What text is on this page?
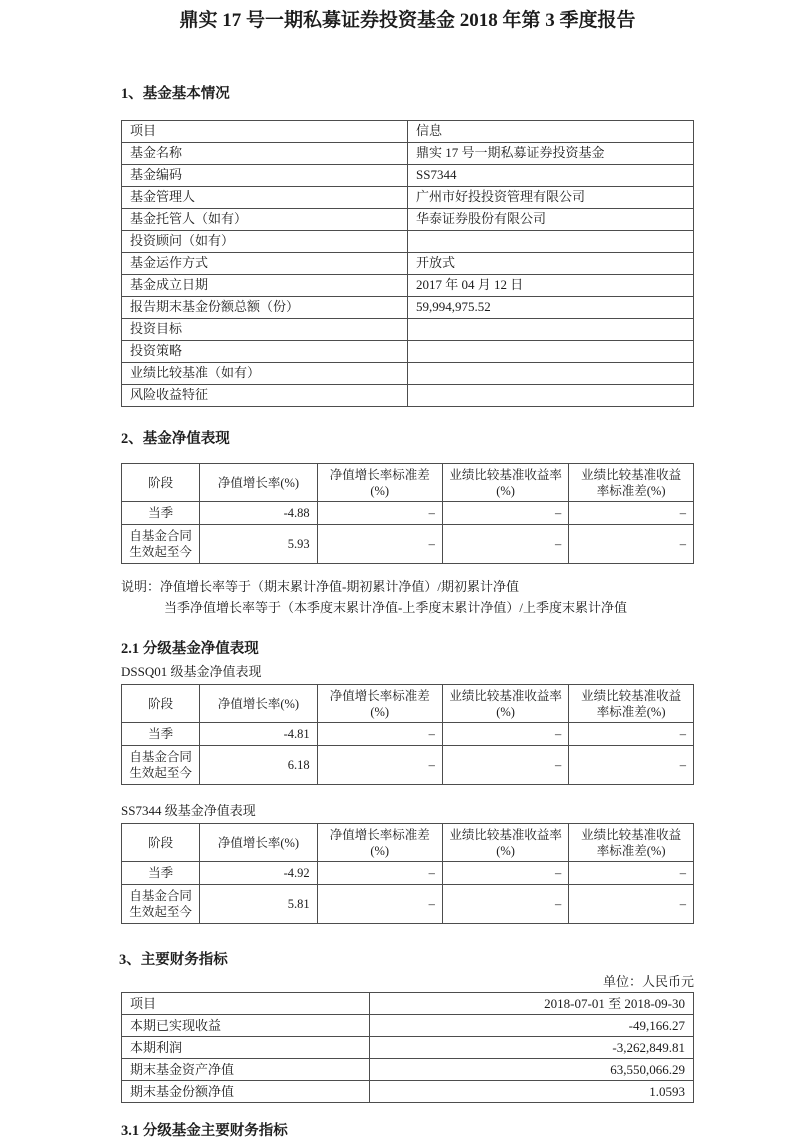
鼎实 17 号一期私募证券投资基金 2018 年第 3 季度报告
1、基金基本情况
项目	信息
基金名称	鼎实 17 号一期私募证券投资基金
基金编码	SS7344
基金管理人	广州市好投投资管理有限公司
基金托管人（如有）	华泰证券股份有限公司
投资顾问（如有）	
基金运作方式	开放式
基金成立日期	2017 年 04 月 12 日
报告期末基金份额总额（份）	59,994,975.52
投资目标	
投资策略	
业绩比较基准（如有）	
风险收益特征	
2、基金净值表现
阶段	净值增长率(%)	净值增长率标准差(%)	业绩比较基准收益率(%)	业绩比较基准收益率标准差(%)
当季	-4.88	–	–	–
自基金合同生效起至今	5.93	–	–	–
说明：净值增长率等于（期末累计净值-期初累计净值）/期初累计净值
当季净值增长率等于（本季度末累计净值-上季度末累计净值）/上季度末累计净值
2.1 分级基金净值表现
DSSQ01 级基金净值表现
阶段	净值增长率(%)	净值增长率标准差(%)	业绩比较基准收益率(%)	业绩比较基准收益率标准差(%)
当季	-4.81	–	–	–
自基金合同生效起至今	6.18	–	–	–
SS7344 级基金净值表现
阶段	净值增长率(%)	净值增长率标准差(%)	业绩比较基准收益率(%)	业绩比较基准收益率标准差(%)
当季	-4.92	–	–	–
自基金合同生效起至今	5.81	–	–	–
3、主要财务指标
单位：人民币元
项目	2018-07-01 至 2018-09-30
本期已实现收益	-49,166.27
本期利润	-3,262,849.81
期末基金资产净值	63,550,066.29
期末基金份额净值	1.0593
3.1 分级基金主要财务指标
